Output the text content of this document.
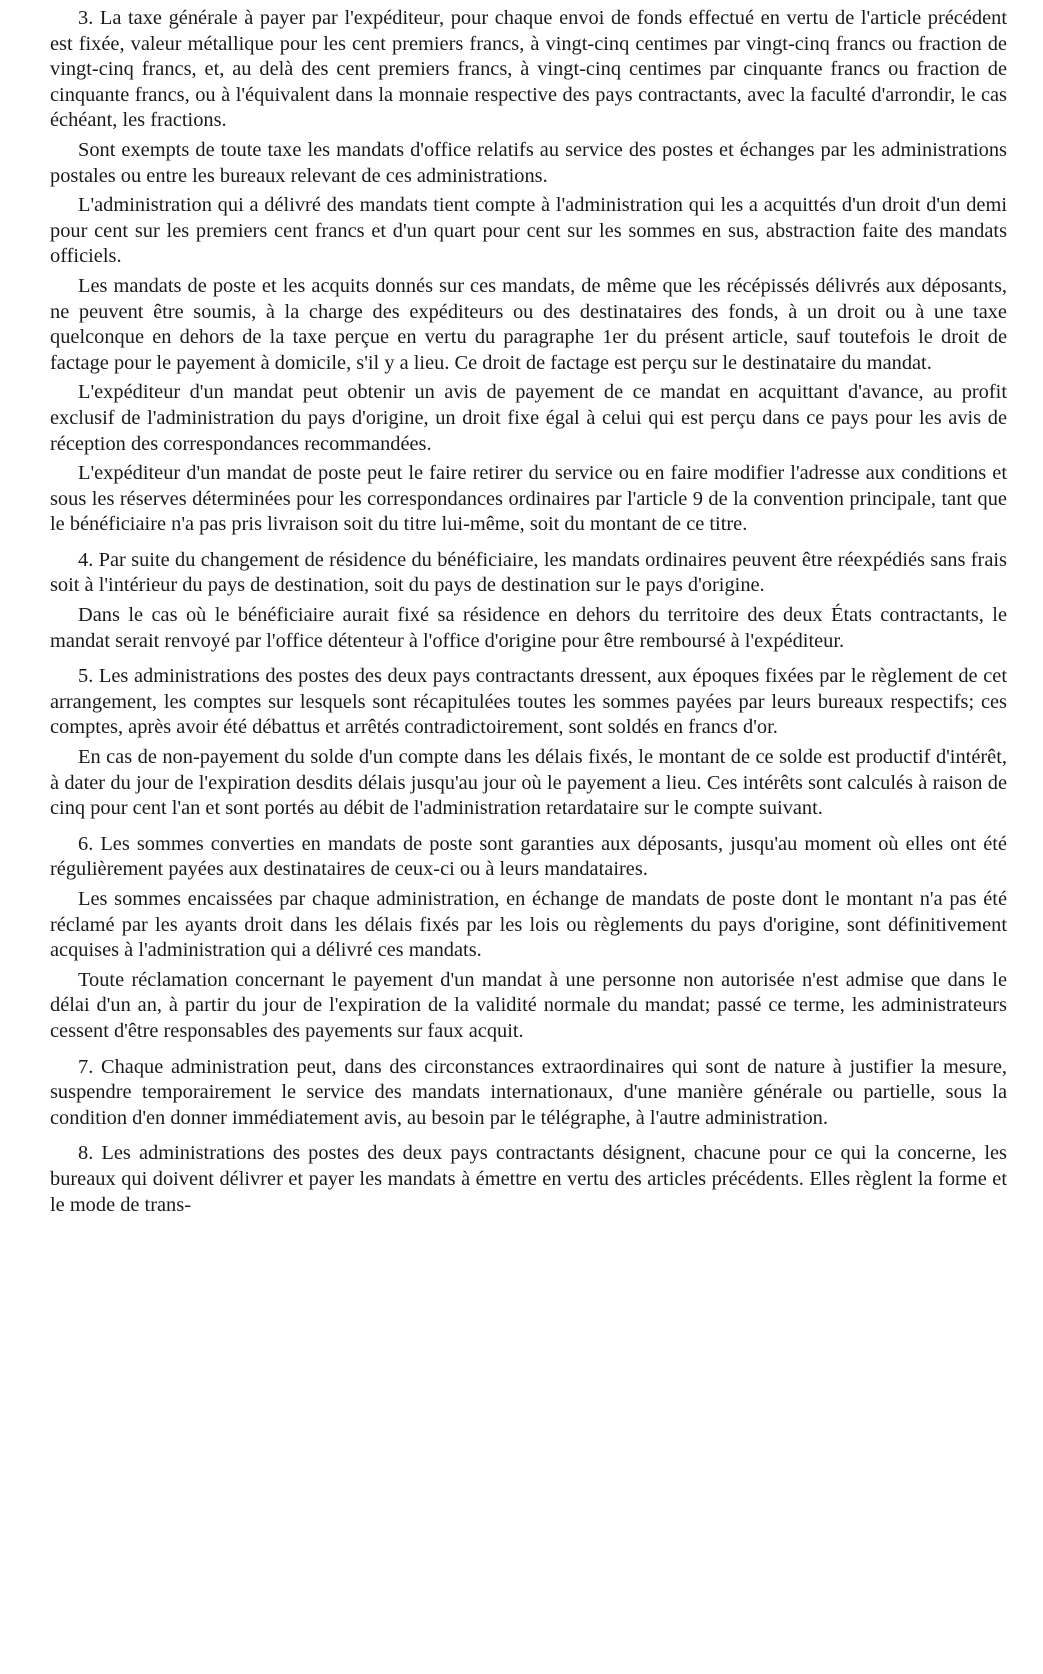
3. La taxe générale à payer par l'expéditeur, pour chaque envoi de fonds effectué en vertu de l'article précédent est fixée, valeur métallique pour les cent premiers francs, à vingt-cinq centimes par vingt-cinq francs ou fraction de vingt-cinq francs, et, au delà des cent premiers francs, à vingt-cinq centimes par cinquante francs ou fraction de cinquante francs, ou à l'équivalent dans la monnaie respective des pays contractants, avec la faculté d'arrondir, le cas échéant, les fractions.

Sont exempts de toute taxe les mandats d'office relatifs au service des postes et échanges par les administrations postales ou entre les bureaux relevant de ces administrations.

L'administration qui a délivré des mandats tient compte à l'administration qui les a acquittés d'un droit d'un demi pour cent sur les premiers cent francs et d'un quart pour cent sur les sommes en sus, abstraction faite des mandats officiels.

Les mandats de poste et les acquits donnés sur ces mandats, de même que les récépissés délivrés aux déposants, ne peuvent être soumis, à la charge des expéditeurs ou des destinataires des fonds, à un droit ou à une taxe quelconque en dehors de la taxe perçue en vertu du paragraphe 1er du présent article, sauf toutefois le droit de factage pour le payement à domicile, s'il y a lieu. Ce droit de factage est perçu sur le destinataire du mandat.

L'expéditeur d'un mandat peut obtenir un avis de payement de ce mandat en acquittant d'avance, au profit exclusif de l'administration du pays d'origine, un droit fixe égal à celui qui est perçu dans ce pays pour les avis de réception des correspondances recommandées.

L'expéditeur d'un mandat de poste peut le faire retirer du service ou en faire modifier l'adresse aux conditions et sous les réserves déterminées pour les correspondances ordinaires par l'article 9 de la convention principale, tant que le bénéficiaire n'a pas pris livraison soit du titre lui-même, soit du montant de ce titre.

4. Par suite du changement de résidence du bénéficiaire, les mandats ordinaires peuvent être réexpédiés sans frais soit à l'intérieur du pays de destination, soit du pays de destination sur le pays d'origine.

Dans le cas où le bénéficiaire aurait fixé sa résidence en dehors du territoire des deux États contractants, le mandat serait renvoyé par l'office détenteur à l'office d'origine pour être remboursé à l'expéditeur.

5. Les administrations des postes des deux pays contractants dressent, aux époques fixées par le règlement de cet arrangement, les comptes sur lesquels sont récapitulées toutes les sommes payées par leurs bureaux respectifs; ces comptes, après avoir été débattus et arrêtés contradictoirement, sont soldés en francs d'or.

En cas de non-payement du solde d'un compte dans les délais fixés, le montant de ce solde est productif d'intérêt, à dater du jour de l'expiration desdits délais jusqu'au jour où le payement a lieu. Ces intérêts sont calculés à raison de cinq pour cent l'an et sont portés au débit de l'administration retardataire sur le compte suivant.

6. Les sommes converties en mandats de poste sont garanties aux déposants, jusqu'au moment où elles ont été régulièrement payées aux destinataires de ceux-ci ou à leurs mandataires.

Les sommes encaissées par chaque administration, en échange de mandats de poste dont le montant n'a pas été réclamé par les ayants droit dans les délais fixés par les lois ou règlements du pays d'origine, sont définitivement acquises à l'administration qui a délivré ces mandats.

Toute réclamation concernant le payement d'un mandat à une personne non autorisée n'est admise que dans le délai d'un an, à partir du jour de l'expiration de la validité normale du mandat; passé ce terme, les administrateurs cessent d'être responsables des payements sur faux acquit.

7. Chaque administration peut, dans des circonstances extraordinaires qui sont de nature à justifier la mesure, suspendre temporairement le service des mandats internationaux, d'une manière générale ou partielle, sous la condition d'en donner immédiatement avis, au besoin par le télégraphe, à l'autre administration.

8. Les administrations des postes des deux pays contractants désignent, chacune pour ce qui la concerne, les bureaux qui doivent délivrer et payer les mandats à émettre en vertu des articles précédents. Elles règlent la forme et le mode de trans-
